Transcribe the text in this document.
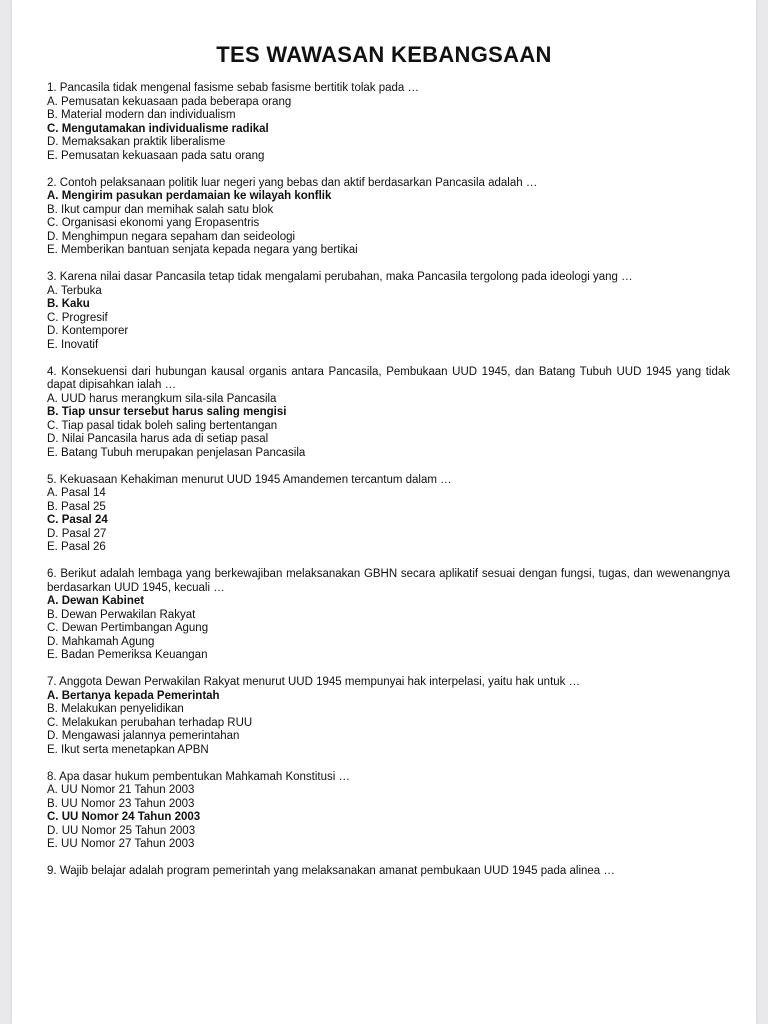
TES WAWASAN KEBANGSAAN
1. Pancasila tidak mengenal fasisme sebab fasisme bertitik tolak pada …
A. Pemusatan kekuasaan pada beberapa orang
B. Material modern dan individualism
C. Mengutamakan individualisme radikal
D. Memaksakan praktik liberalisme
E. Pemusatan kekuasaan pada satu orang
2. Contoh pelaksanaan politik luar negeri yang bebas dan aktif berdasarkan Pancasila adalah …
A. Mengirim pasukan perdamaian ke wilayah konflik
B. Ikut campur dan memihak salah satu blok
C. Organisasi ekonomi yang Eropasentris
D. Menghimpun negara sepaham dan seideologi
E. Memberikan bantuan senjata kepada negara yang bertikai
3. Karena nilai dasar Pancasila tetap tidak mengalami perubahan, maka Pancasila tergolong pada ideologi yang …
A. Terbuka
B. Kaku
C. Progresif
D. Kontemporer
E. Inovatif
4. Konsekuensi dari hubungan kausal organis antara Pancasila, Pembukaan UUD 1945, dan Batang Tubuh UUD 1945 yang tidak dapat dipisahkan ialah …
A. UUD harus merangkum sila-sila Pancasila
B. Tiap unsur tersebut harus saling mengisi
C. Tiap pasal tidak boleh saling bertentangan
D. Nilai Pancasila harus ada di setiap pasal
E. Batang Tubuh merupakan penjelasan Pancasila
5. Kekuasaan Kehakiman menurut UUD 1945 Amandemen tercantum dalam …
A. Pasal 14
B. Pasal 25
C. Pasal 24
D. Pasal 27
E. Pasal 26
6. Berikut adalah lembaga yang berkewajiban melaksanakan GBHN secara aplikatif sesuai dengan fungsi, tugas, dan wewenangnya berdasarkan UUD 1945, kecuali …
A. Dewan Kabinet
B. Dewan Perwakilan Rakyat
C. Dewan Pertimbangan Agung
D. Mahkamah Agung
E. Badan Pemeriksa Keuangan
7. Anggota Dewan Perwakilan Rakyat menurut UUD 1945 mempunyai hak interpelasi, yaitu hak untuk …
A. Bertanya kepada Pemerintah
B. Melakukan penyelidikan
C. Melakukan perubahan terhadap RUU
D. Mengawasi jalannya pemerintahan
E. Ikut serta menetapkan APBN
8. Apa dasar hukum pembentukan Mahkamah Konstitusi …
A. UU Nomor 21 Tahun 2003
B. UU Nomor 23 Tahun 2003
C. UU Nomor 24 Tahun 2003
D. UU Nomor 25 Tahun 2003
E. UU Nomor 27 Tahun 2003
9. Wajib belajar adalah program pemerintah yang melaksanakan amanat pembukaan UUD 1945 pada alinea …
